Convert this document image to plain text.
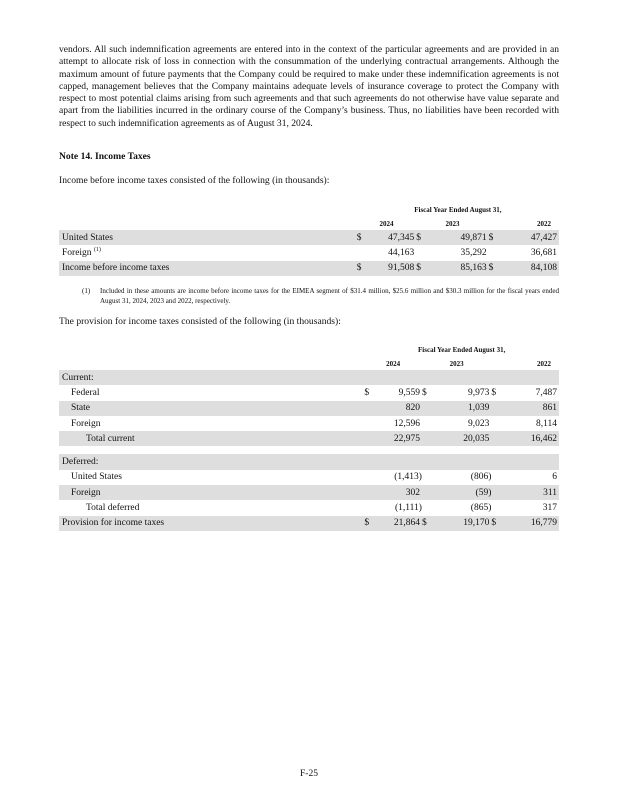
vendors. All such indemnification agreements are entered into in the context of the particular agreements and are provided in an attempt to allocate risk of loss in connection with the consummation of the underlying contractual arrangements. Although the maximum amount of future payments that the Company could be required to make under these indemnification agreements is not capped, management believes that the Company maintains adequate levels of insurance coverage to protect the Company with respect to most potential claims arising from such agreements and that such agreements do not otherwise have value separate and apart from the liabilities incurred in the ordinary course of the Company’s business. Thus, no liabilities have been recorded with respect to such indemnification agreements as of August 31, 2024.
Note 14. Income Taxes
Income before income taxes consisted of the following (in thousands):
	Fiscal Year Ended August 31,					
	2024		2023		2022	
United States	$	47,345	$	49,871	$	47,427
Foreign $^{(1)}$		44,163		35,292		36,681
Income before income taxes	$	91,508	$	85,163	$	84,108
(1) Included in these amounts are income before income taxes for the EIMEA segment of $31.4 million, $25.6 million and $30.3 million for the fiscal years ended August 31, 2024, 2023 and 2022, respectively.
The provision for income taxes consisted of the following (in thousands):
	Fiscal Year Ended August 31,					
	2024		2023		2022	
Current:						
Federal	$	9,559	$	9,973	$	7,487
State		820		1,039		861
Foreign		12,596		9,023		8,114
Total current		22,975		20,035		16,462

Deferred:						
United States		(1,413)		(806)		6
Foreign		302		(59)		311
Total deferred		(1,111)		(865)		317
Provision for income taxes	$	21,864	$	19,170	$	16,779
F-25
